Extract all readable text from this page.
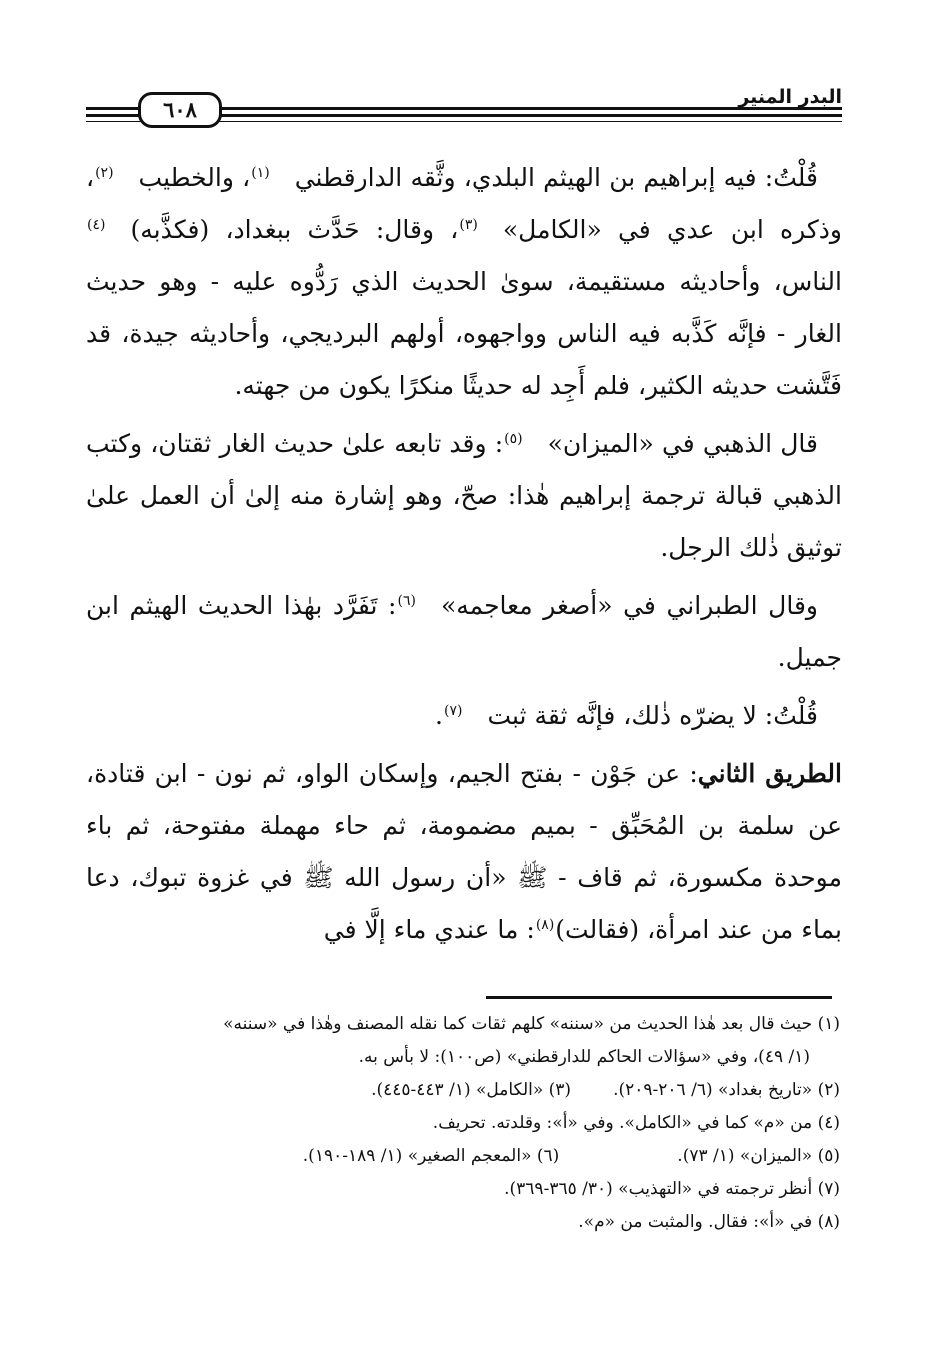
٦٠٨	البدر المنير

قُلْتُ: فيه إبراهيم بن الهيثم البلدي، وثَّقه الدارقطني(١)، والخطيب(٢)، وذكره ابن عدي في «الكامل»(٣)، وقال: حَدَّث ببغداد، (فكذَّبه)(٤) الناس، وأحاديثه مستقيمة، سوىٰ الحديث الذي رَدُّوه عليه - وهو حديث الغار - فإنَّه كَذَّبه فيه الناس وواجهوه، أولهم البرديجي، وأحاديثه جيدة، قد فَتَّشت حديثه الكثير، فلم أَجِد له حديثًا منكرًا يكون من جهته.

قال الذهبي في «الميزان»(٥): وقد تابعه علىٰ حديث الغار ثقتان، وكتب الذهبي قبالة ترجمة إبراهيم هٰذا: صحّ، وهو إشارة منه إلىٰ أن العمل علىٰ توثيق ذٰلك الرجل.

وقال الطبراني في «أصغر معاجمه»(٦): تَفَرَّد بهٰذا الحديث الهيثم ابن جميل.

قُلْتُ: لا يضرّه ذٰلك، فإنَّه ثقة ثبت(٧).

الطريق الثاني: عن جَوْن - بفتح الجيم، وإسكان الواو، ثم نون - ابن قتادة، عن سلمة بن المُحَبِّق - بميم مضمومة، ثم حاء مهملة مفتوحة، ثم باء موحدة مكسورة، ثم قاف - ﷺ «أن رسول الله ﷺ في غزوة تبوك، دعا بماء من عند امرأة، (فقالت)(٨): ما عندي ماء إلَّا في

(١) حيث قال بعد هٰذا الحديث من «سننه» كلهم ثقات كما نقله المصنف وهٰذا في «سننه»
(١/ ٤٩)، وفي «سؤالات الحاكم للدارقطني» (ص١٠٠): لا بأس به.
(٢) «تاريخ بغداد» (٦/ ٢٠٦-٢٠٩).(٣) «الكامل» (١/ ٤٤٣-٤٤٥).
(٤) من «م» كما في «الكامل». وفي «أ»: وقلدته. تحريف.
(٥) «الميزان» (١/ ٧٣).(٦) «المعجم الصغير» (١/ ١٨٩-١٩٠).
(٧) أنظر ترجمته في «التهذيب» (٣٠/ ٣٦٥-٣٦٩).
(٨) في «أ»: فقال. والمثبت من «م».
